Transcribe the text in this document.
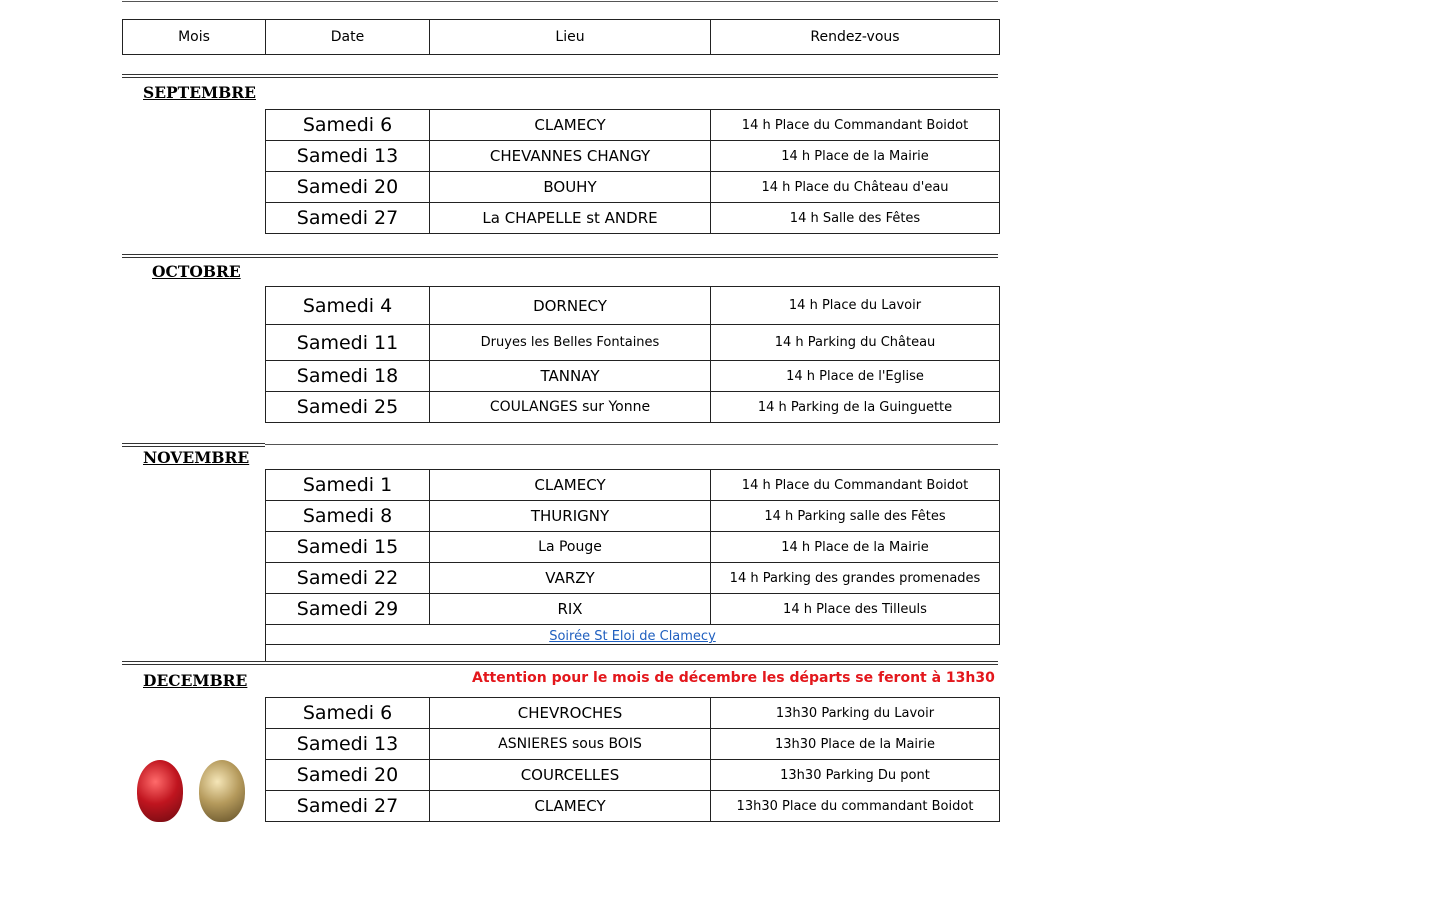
Mois	Date	Lieu	Rendez-vous
SEPTEMBRE
Samedi 6	CLAMECY	14 h Place du Commandant Boidot
Samedi 13	CHEVANNES CHANGY	14 h Place de la Mairie
Samedi 20	BOUHY	14 h Place du Château d'eau
Samedi 27	La CHAPELLE st ANDRE	14 h Salle des Fêtes
OCTOBRE
Samedi 4	DORNECY	14 h Place du Lavoir
Samedi 11	Druyes les Belles Fontaines	14 h Parking du Château
Samedi 18	TANNAY	14 h Place de l'Eglise
Samedi 25	COULANGES sur Yonne	14 h Parking de la Guinguette
NOVEMBRE
Samedi 1	CLAMECY	14 h Place du Commandant Boidot
Samedi 8	THURIGNY	14 h Parking salle des Fêtes
Samedi 15	La Pouge	14 h Place de la Mairie
Samedi 22	VARZY	14 h Parking des grandes promenades
Samedi 29	RIX	14 h Place des Tilleuls
Soirée St Eloi de Clamecy		

DECEMBRE	Attention pour le mois de décembre les départs se feront à 13h30
Samedi 6	CHEVROCHES	13h30 Parking du Lavoir
Samedi 13	ASNIERES sous BOIS	13h30 Place de la Mairie
Samedi 20	COURCELLES	13h30 Parking Du pont
Samedi 27	CLAMECY	13h30 Place du commandant Boidot
